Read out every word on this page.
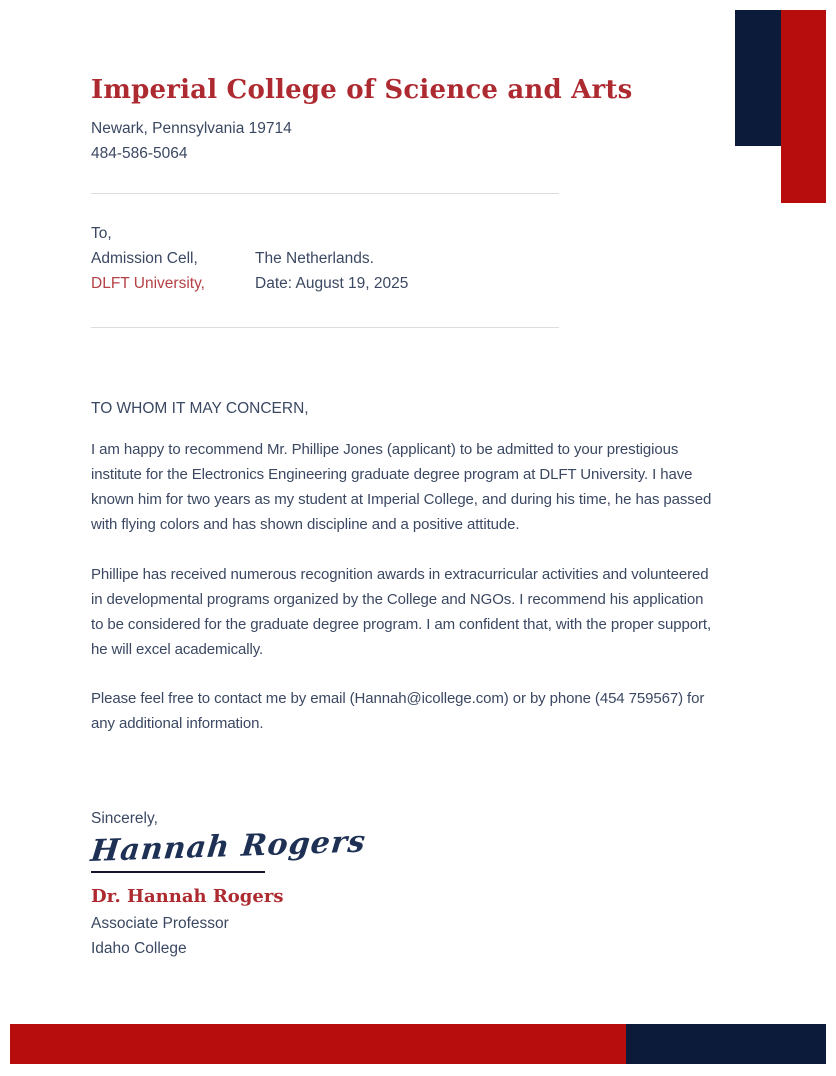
Imperial College of Science and Arts
Newark, Pennsylvania 19714
484-586-5064
To,
Admission Cell,
DLFT University,
The Netherlands.
Date: August 19, 2025
TO WHOM IT MAY CONCERN,
I am happy to recommend Mr. Phillipe Jones (applicant) to be admitted to your prestigious institute for the Electronics Engineering graduate degree program at DLFT University. I have known him for two years as my student at Imperial College, and during his time, he has passed with flying colors and has shown discipline and a positive attitude.
Phillipe has received numerous recognition awards in extracurricular activities and volunteered in developmental programs organized by the College and NGOs. I recommend his application to be considered for the graduate degree program. I am confident that, with the proper support, he will excel academically.
Please feel free to contact me by email (Hannah@icollege.com) or by phone (454 759567) for any additional information.
Sincerely,
Hannah Rogers
Dr. Hannah Rogers
Associate Professor
Idaho College
